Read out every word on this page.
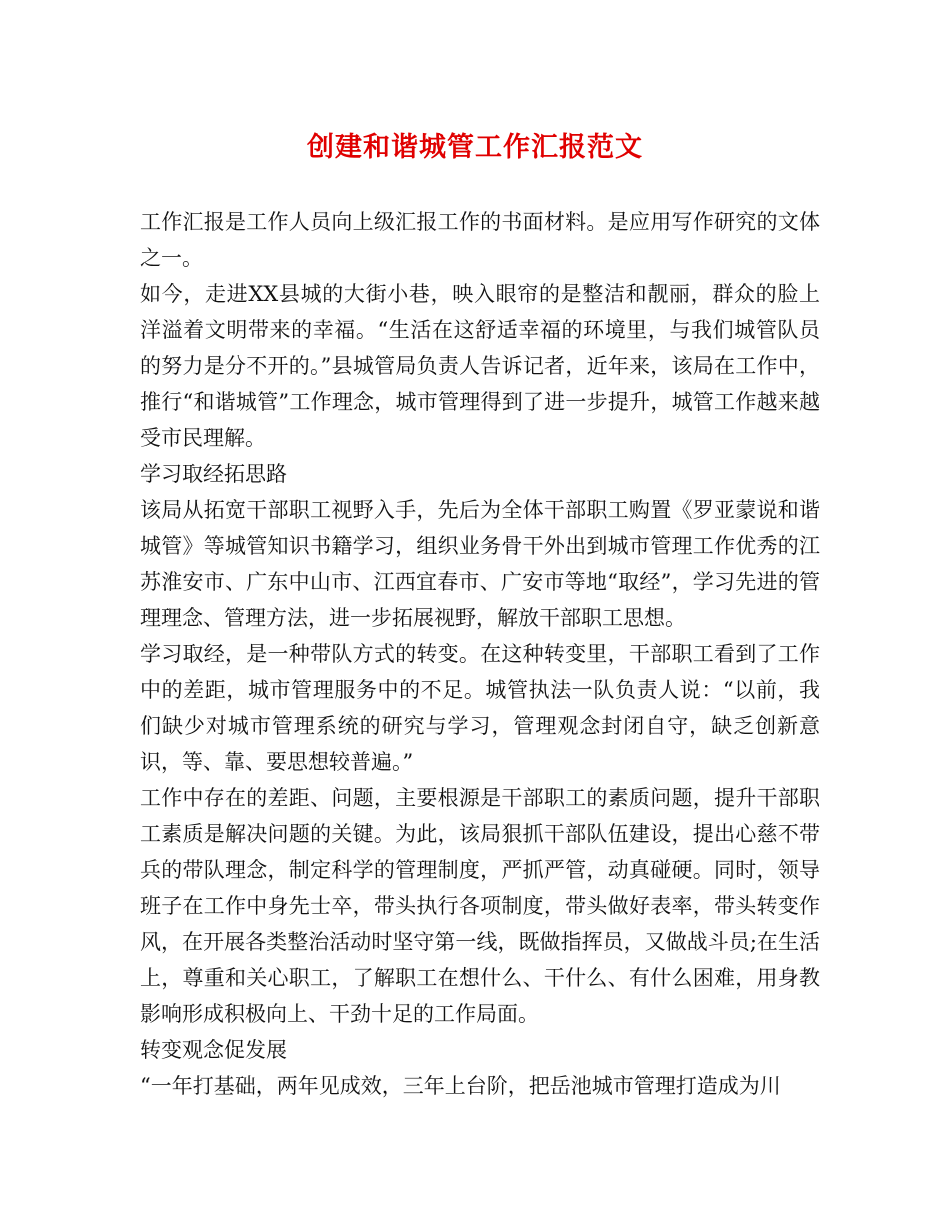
创建和谐城管工作汇报范文

工作汇报是工作人员向上级汇报工作的书面材料。是应用写作研究的文体之一。

如今，走进XX县城的大街小巷，映入眼帘的是整洁和靓丽，群众的脸上洋溢着文明带来的幸福。“生活在这舒适幸福的环境里，与我们城管队员的努力是分不开的。”县城管局负责人告诉记者，近年来，该局在工作中，推行“和谐城管”工作理念，城市管理得到了进一步提升，城管工作越来越受市民理解。

学习取经拓思路

该局从拓宽干部职工视野入手，先后为全体干部职工购置《罗亚蒙说和谐城管》等城管知识书籍学习，组织业务骨干外出到城市管理工作优秀的江苏淮安市、广东中山市、江西宜春市、广安市等地“取经”，学习先进的管理理念、管理方法，进一步拓展视野，解放干部职工思想。

学习取经，是一种带队方式的转变。在这种转变里，干部职工看到了工作中的差距，城市管理服务中的不足。城管执法一队负责人说：“以前，我们缺少对城市管理系统的研究与学习，管理观念封闭自守，缺乏创新意识，等、靠、要思想较普遍。”

工作中存在的差距、问题，主要根源是干部职工的素质问题，提升干部职工素质是解决问题的关键。为此，该局狠抓干部队伍建设，提出心慈不带兵的带队理念，制定科学的管理制度，严抓严管，动真碰硬。同时，领导班子在工作中身先士卒，带头执行各项制度，带头做好表率，带头转变作风，在开展各类整治活动时坚守第一线，既做指挥员，又做战斗员;在生活上，尊重和关心职工，了解职工在想什么、干什么、有什么困难，用身教影响形成积极向上、干劲十足的工作局面。

转变观念促发展

“一年打基础，两年见成效，三年上台阶，把岳池城市管理打造成为川
